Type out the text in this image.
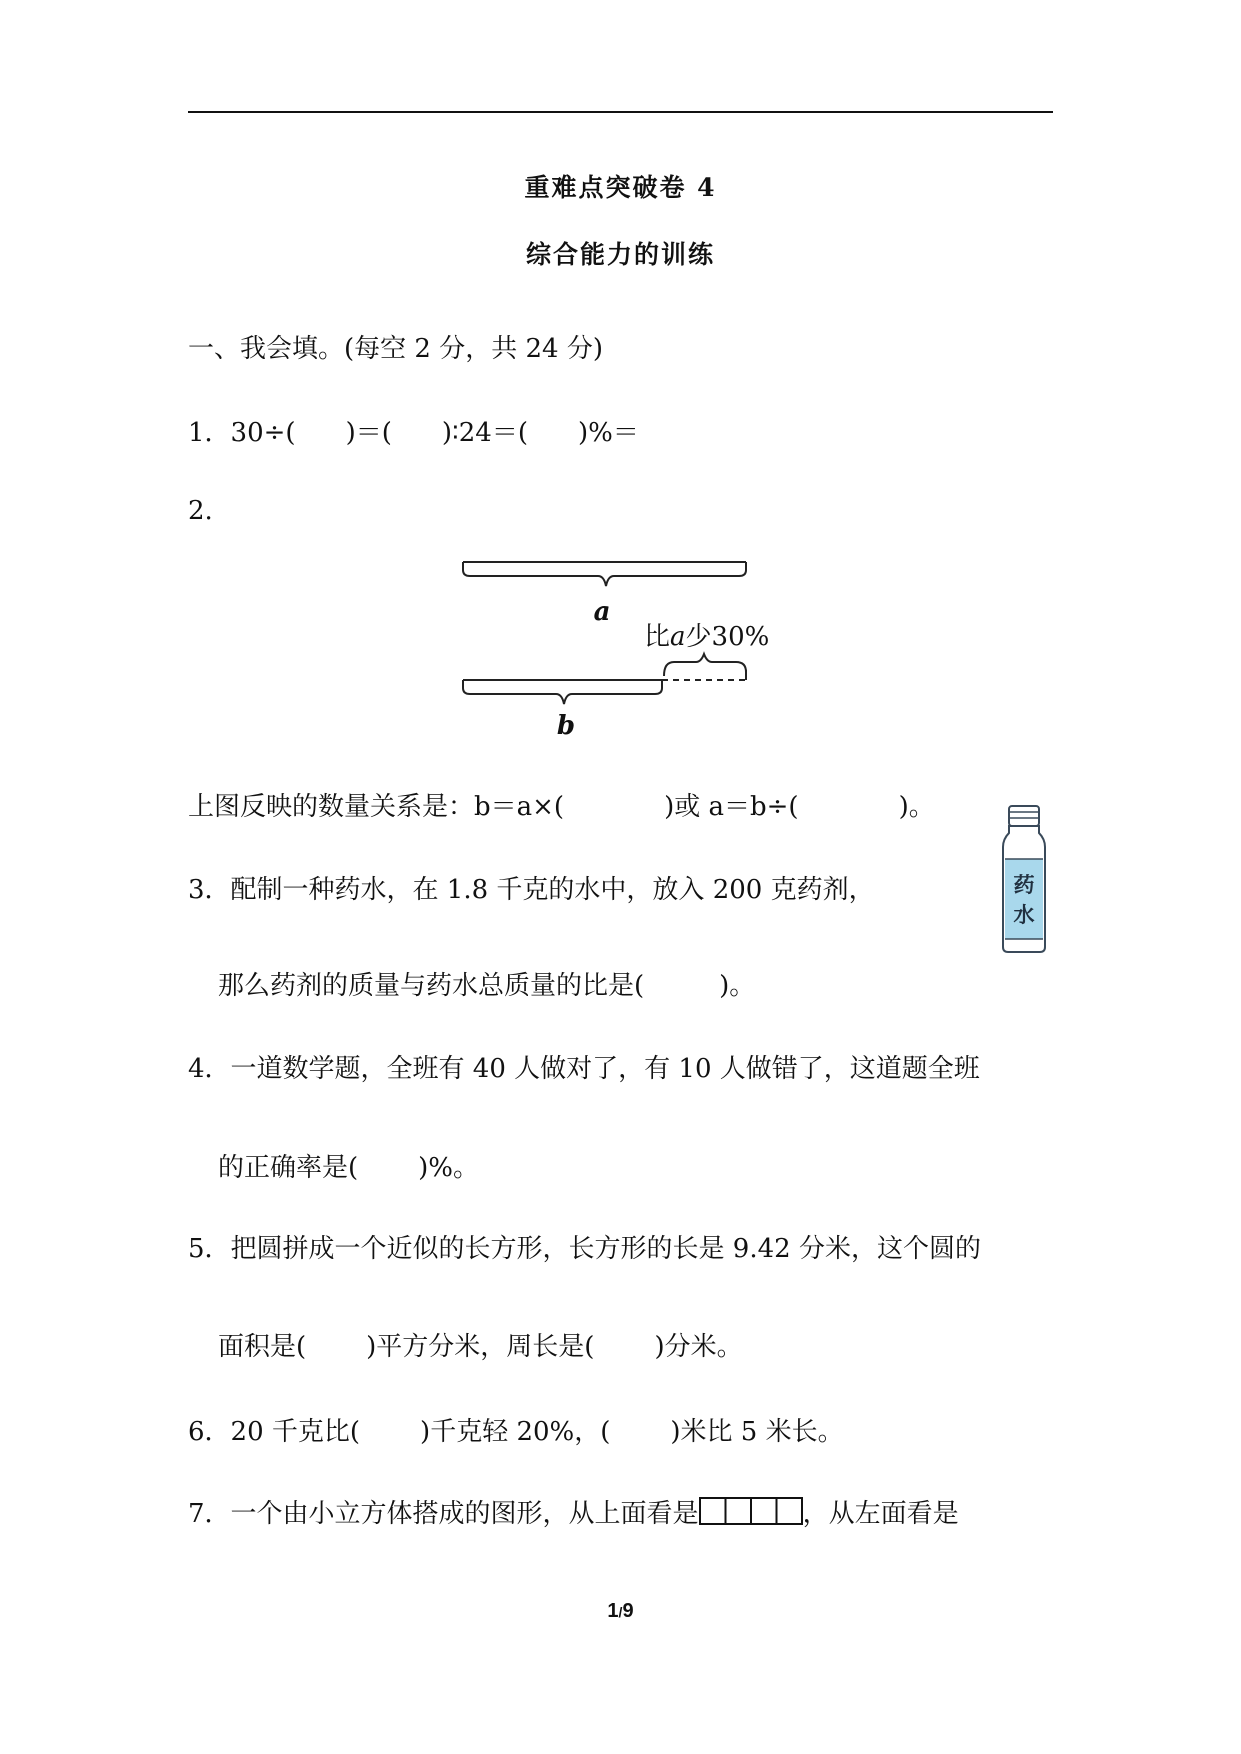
重难点突破卷 4
综合能力的训练
一、我会填。(每空 2 分，共 24 分)
1．30÷( )＝( )∶24＝( )%＝
2.
a
比a少30%
b
上图反映的数量关系是：b＝a×(	)或 a＝b÷(	)。
3．配制一种药水，在 1.8 千克的水中，放入 200 克药剂，
那么药剂的质量与药水总质量的比是(	)。
药
水
4．一道数学题，全班有 40 人做对了，有 10 人做错了，这道题全班
的正确率是( )%。
5．把圆拼成一个近似的长方形，长方形的长是 9.42 分米，这个圆的
面积是( )平方分米，周长是( )分米。
6．20 千克比( )千克轻 20%，( )米比 5 米长。
7．一个由小立方体搭成的图形，从上面看是	，从左面看是
1/9
